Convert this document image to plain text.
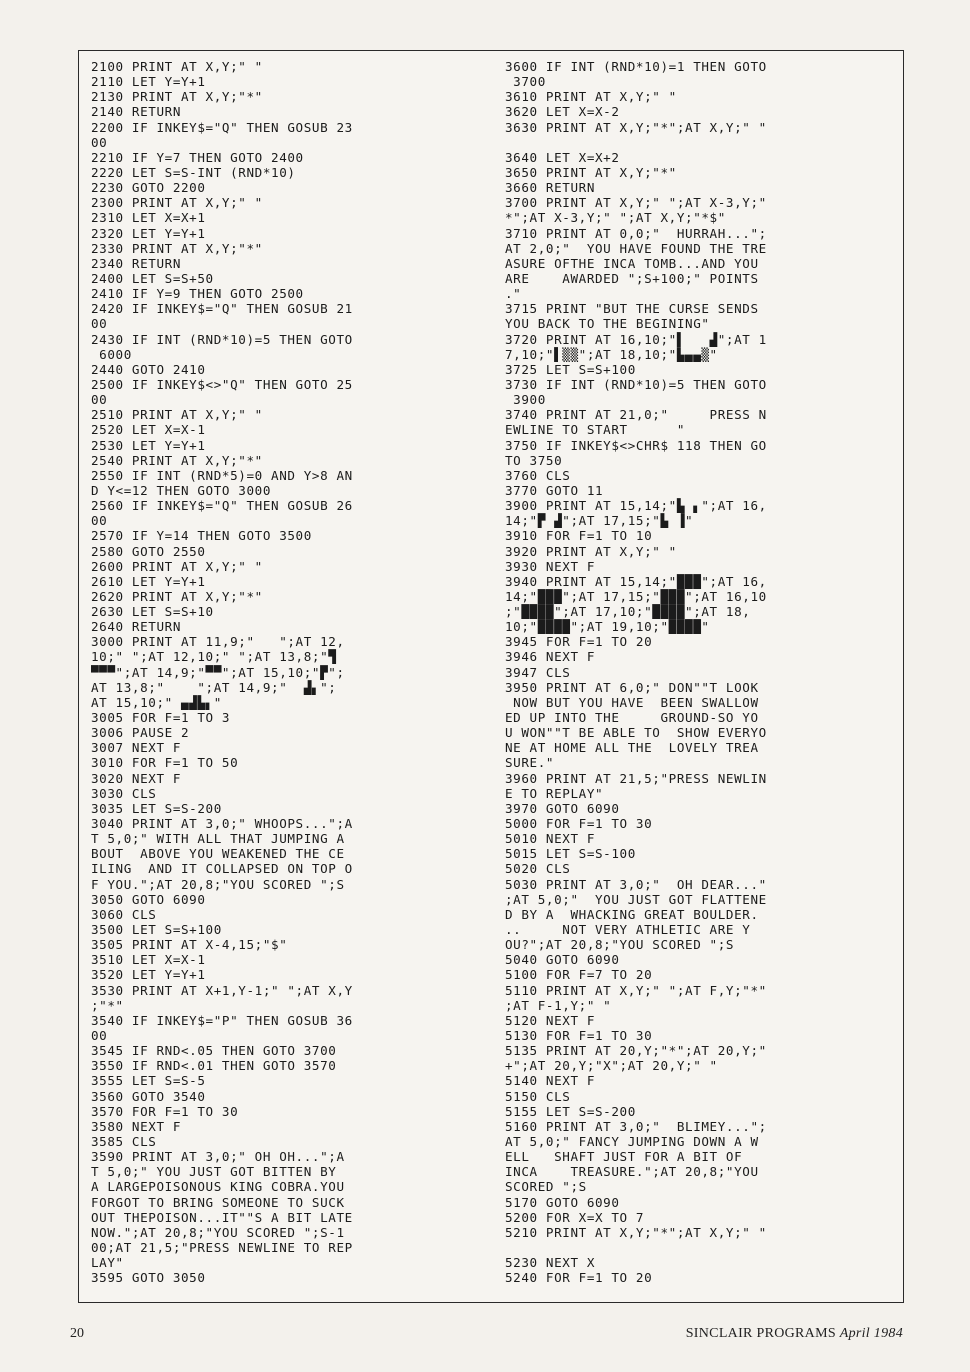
2100 PRINT AT X,Y;" "
2110 LET Y=Y+1
2130 PRINT AT X,Y;"*"
2140 RETURN
2200 IF INKEY$="Q" THEN GOSUB 23
00
2210 IF Y=7 THEN GOTO 2400
2220 LET S=S-INT (RND*10)
2230 GOTO 2200
2300 PRINT AT X,Y;" "
2310 LET X=X+1
2320 LET Y=Y+1
2330 PRINT AT X,Y;"*"
2340 RETURN
2400 LET S=S+50
2410 IF Y=9 THEN GOTO 2500
2420 IF INKEY$="Q" THEN GOSUB 21
00
2430 IF INT (RND*10)=5 THEN GOTO
6000
2440 GOTO 2410
2500 IF INKEY$<>"Q" THEN GOTO 25
00
2510 PRINT AT X,Y;" "
2520 LET X=X-1
2530 LET Y=Y+1
2540 PRINT AT X,Y;"*"
2550 IF INT (RND*5)=0 AND Y>8 AN
D Y<=12 THEN GOTO 3000
2560 IF INKEY$="Q" THEN GOSUB 26
00
2570 IF Y=14 THEN GOTO 3500
2580 GOTO 2550
2600 PRINT AT X,Y;" "
2610 LET Y=Y+1
2620 PRINT AT X,Y;"*"
2630 LET S=S+10
2640 RETURN
3000 PRINT AT 11,9;"   ";AT 12,
10;" ";AT 12,10;" ";AT 13,8;"▜
▀▀▀";AT 14,9;"▀▀";AT 15,10;"▛";
AT 13,8;"    ";AT 14,9;"  ▟▖";
AT 15,10;" ▄▟▙▖"
3005 FOR F=1 TO 3
3006 PAUSE 2
3007 NEXT F
3010 FOR F=1 TO 50
3020 NEXT F
3030 CLS
3035 LET S=S-200
3040 PRINT AT 3,0;" WHOOPS...";A
T 5,0;" WITH ALL THAT JUMPING A
BOUT  ABOVE YOU WEAKENED THE CE
ILING  AND IT COLLAPSED ON TOP O
F YOU.";AT 20,8;"YOU SCORED ";S
3050 GOTO 6090
3060 CLS
3500 LET S=S+100
3505 PRINT AT X-4,15;"$"
3510 LET X=X-1
3520 LET Y=Y+1
3530 PRINT AT X+1,Y-1;" ";AT X,Y
;"*"
3540 IF INKEY$="P" THEN GOSUB 36
00
3545 IF RND<.05 THEN GOTO 3700
3550 IF RND<.01 THEN GOTO 3570
3555 LET S=S-5
3560 GOTO 3540
3570 FOR F=1 TO 30
3580 NEXT F
3585 CLS
3590 PRINT AT 3,0;" OH OH...";A
T 5,0;" YOU JUST GOT BITTEN BY
A LARGEPOISONOUS KING COBRA.YOU
FORGOT TO BRING SOMEONE TO SUCK
OUT THEPOISON...IT""S A BIT LATE
NOW.";AT 20,8;"YOU SCORED ";S-1
00;AT 21,5;"PRESS NEWLINE TO REP
LAY"
3595 GOTO 3050
3600 IF INT (RND*10)=1 THEN GOTO
3700
3610 PRINT AT X,Y;" "
3620 LET X=X-2
3630 PRINT AT X,Y;"*";AT X,Y;" "
3640 LET X=X+2
3650 PRINT AT X,Y;"*"
3660 RETURN
3700 PRINT AT X,Y;" ";AT X-3,Y;"
*";AT X-3,Y;" ";AT X,Y;"*$"
3710 PRINT AT 0,0;"  HURRAH...";
AT 2,0;"  YOU HAVE FOUND THE TRE
ASURE OFTHE INCA TOMB...AND YOU
ARE    AWARDED ";S+100;" POINTS
."
3715 PRINT "BUT THE CURSE SENDS
YOU BACK TO THE BEGINING"
3720 PRINT AT 16,10;"▌   ▟";AT 1
7,10;"▌▒▒";AT 18,10;"▙▄▄▒"
3725 LET S=S+100
3730 IF INT (RND*10)=5 THEN GOTO
3900
3740 PRINT AT 21,0;"     PRESS N
EWLINE TO START      "
3750 IF INKEY$<>CHR$ 118 THEN GO
TO 3750
3760 CLS
3770 GOTO 11
3900 PRINT AT 15,14;"▙ ▖";AT 16,
14;"▛ ▟";AT 17,15;"▙ ▐"
3910 FOR F=1 TO 10
3920 PRINT AT X,Y;" "
3930 NEXT F
3940 PRINT AT 15,14;"███";AT 16,
14;"███";AT 17,15;"███";AT 16,10
;"████";AT 17,10;"████";AT 18,
10;"████";AT 19,10;"████"
3945 FOR F=1 TO 20
3946 NEXT F
3947 CLS
3950 PRINT AT 6,0;" DON""T LOOK
NOW BUT YOU HAVE  BEEN SWALLOW
ED UP INTO THE     GROUND-SO YO
U WON""T BE ABLE TO  SHOW EVERYO
NE AT HOME ALL THE  LOVELY TREA
SURE."
3960 PRINT AT 21,5;"PRESS NEWLIN
E TO REPLAY"
3970 GOTO 6090
5000 FOR F=1 TO 30
5010 NEXT F
5015 LET S=S-100
5020 CLS
5030 PRINT AT 3,0;"  OH DEAR..."
;AT 5,0;"  YOU JUST GOT FLATTENE
D BY A  WHACKING GREAT BOULDER.
..     NOT VERY ATHLETIC ARE Y
OU?";AT 20,8;"YOU SCORED ";S
5040 GOTO 6090
5100 FOR F=7 TO 20
5110 PRINT AT X,Y;" ";AT F,Y;"*"
;AT F-1,Y;" "
5120 NEXT F
5130 FOR F=1 TO 30
5135 PRINT AT 20,Y;"*";AT 20,Y;"
+";AT 20,Y;"X";AT 20,Y;" "
5140 NEXT F
5150 CLS
5155 LET S=S-200
5160 PRINT AT 3,0;"  BLIMEY...";
AT 5,0;" FANCY JUMPING DOWN A W
ELL   SHAFT JUST FOR A BIT OF
INCA    TREASURE.";AT 20,8;"YOU
SCORED ";S
5170 GOTO 6090
5200 FOR X=X TO 7
5210 PRINT AT X,Y;"*";AT X,Y;" "
5230 NEXT X
5240 FOR F=1 TO 20
20	SINCLAIR PROGRAMS April 1984
